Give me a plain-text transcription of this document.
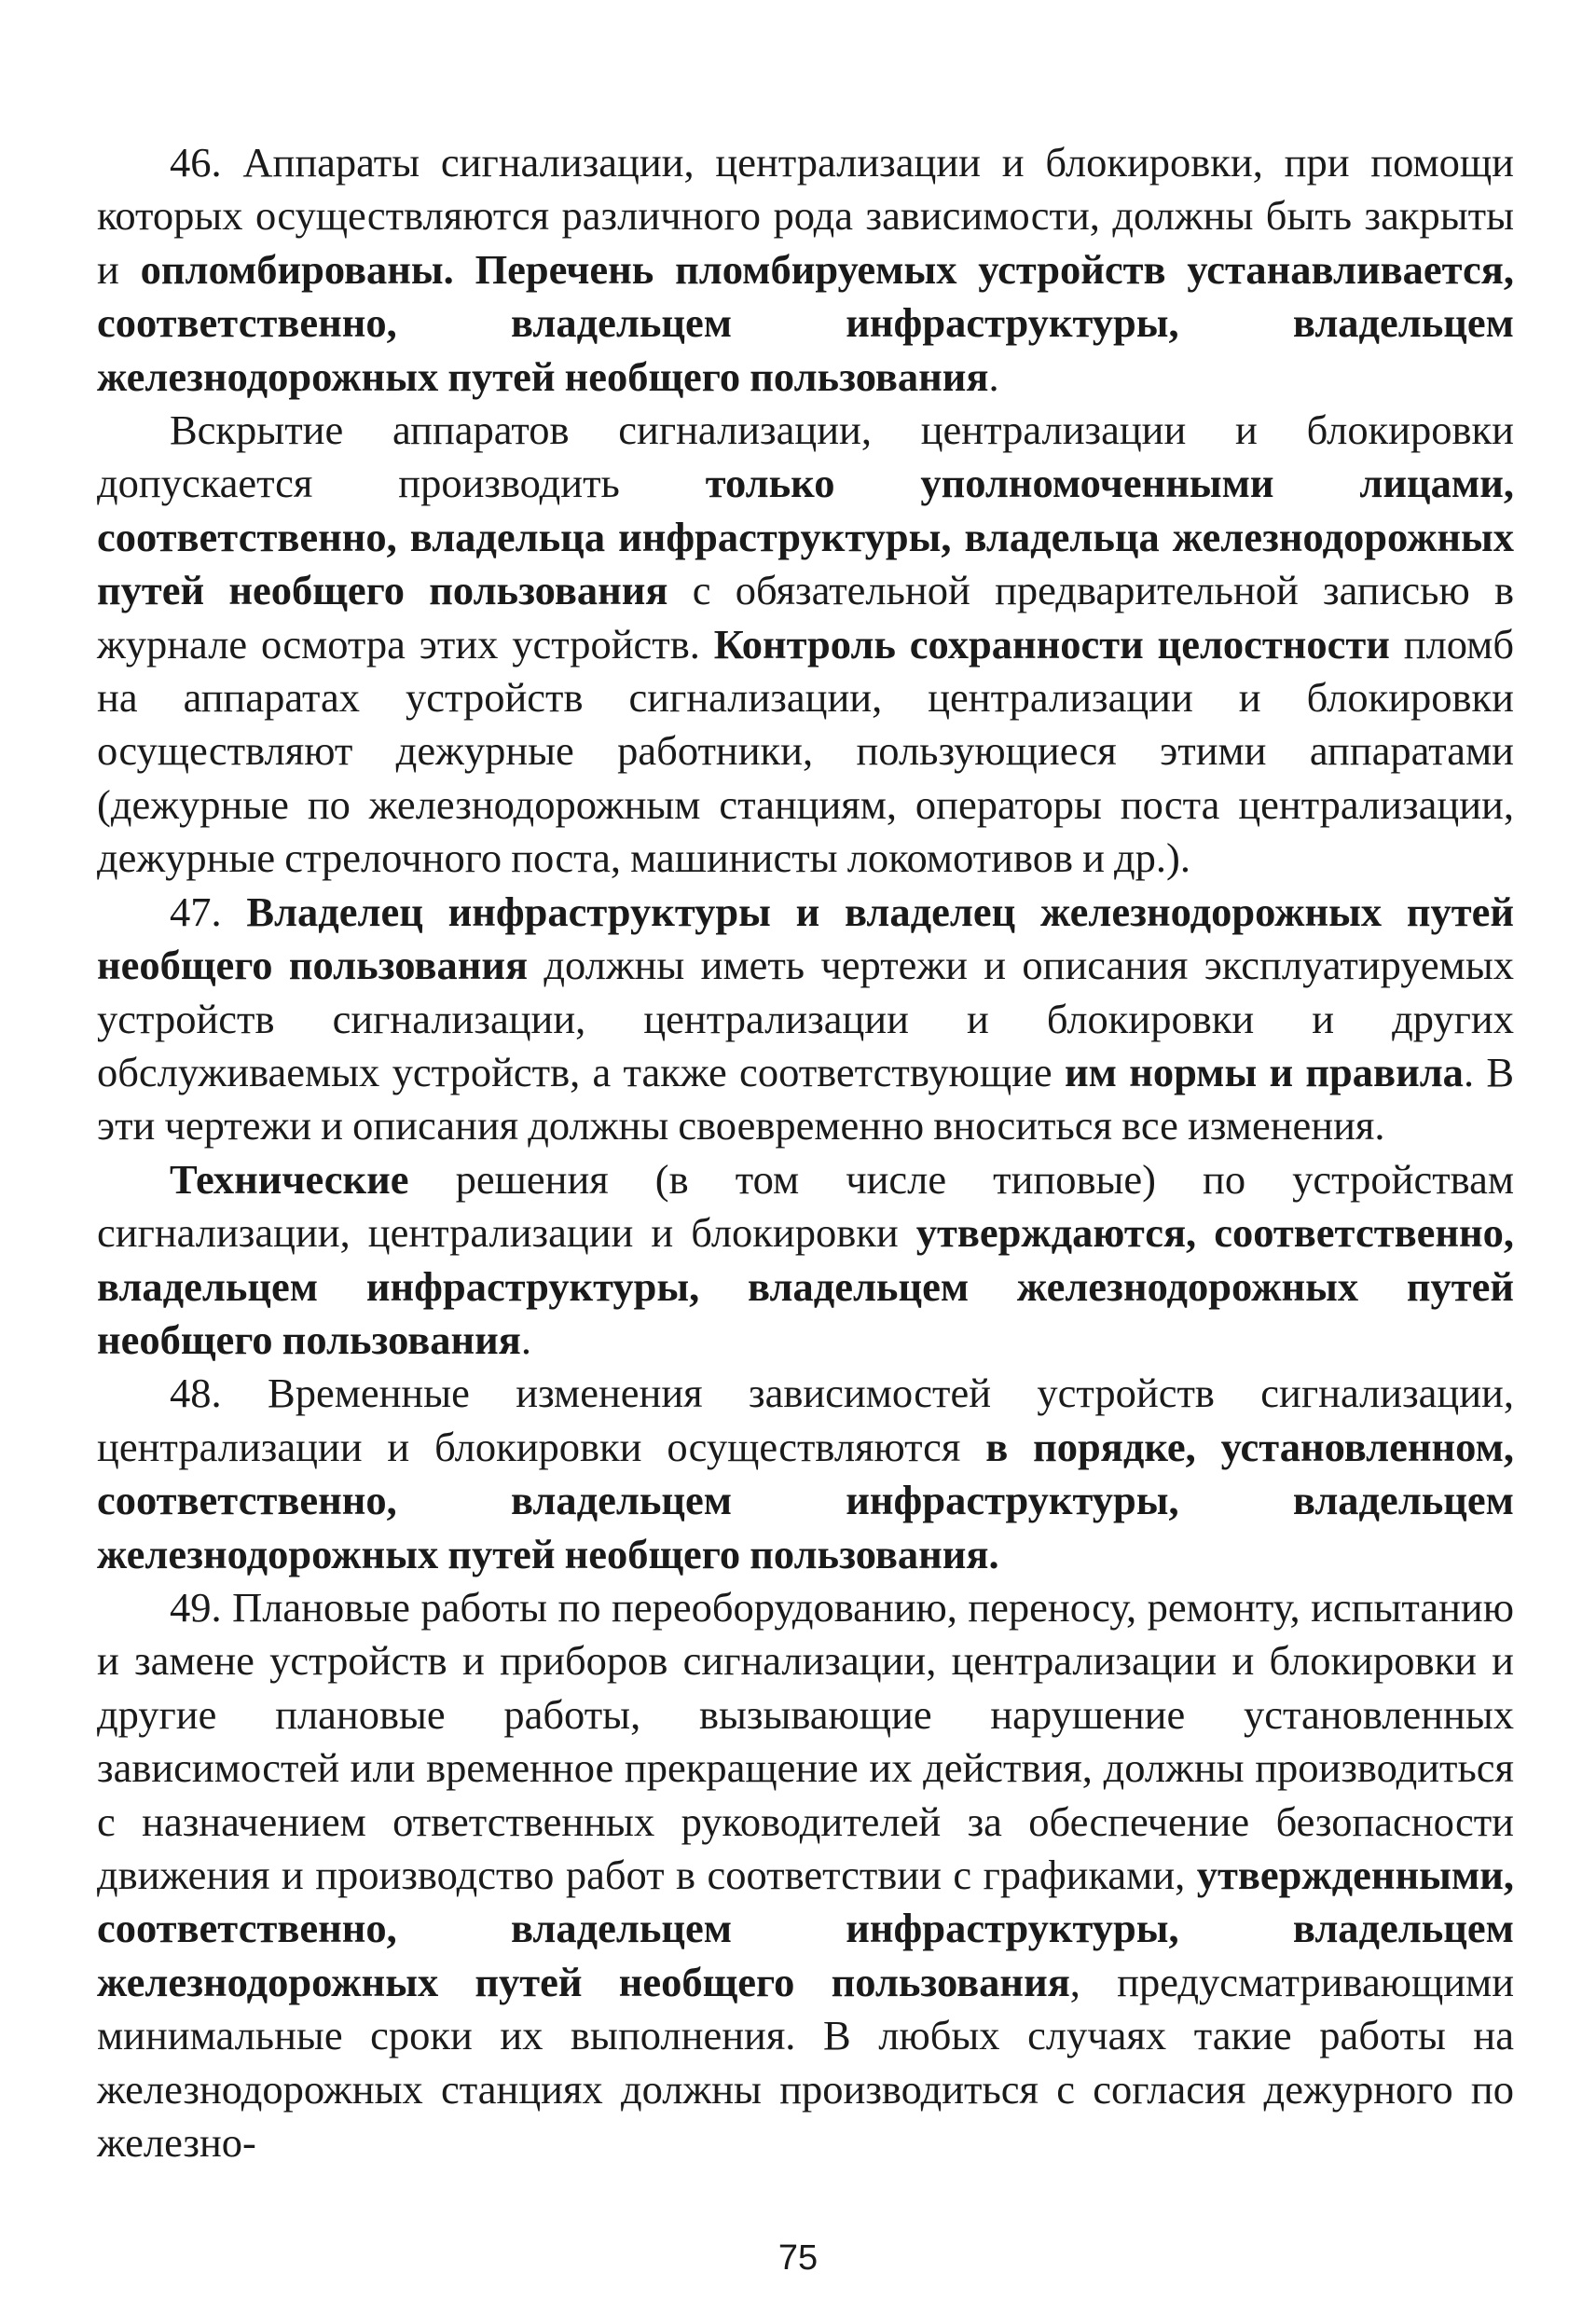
46. Аппараты сигнализации, централизации и блокировки, при помощи которых осуществляются различного рода зависимости, должны быть закрыты и опломбированы. Перечень пломбируемых устройств устанавливается, соответственно, владельцем инфраструктуры, владельцем железнодорожных путей необщего пользования.

Вскрытие аппаратов сигнализации, централизации и блокировки допускается производить только уполномоченными лицами, соответственно, владельца инфраструктуры, владельца железнодорожных путей необщего пользования с обязательной предварительной записью в журнале осмотра этих устройств. Контроль сохранности целостности пломб на аппаратах устройств сигнализации, централизации и блокировки осуществляют дежурные работники, пользующиеся этими аппаратами (дежурные по железнодорожным станциям, операторы поста централизации, дежурные стрелочного поста, машинисты локомотивов и др.).

47. Владелец инфраструктуры и владелец железнодорожных путей необщего пользования должны иметь чертежи и описания эксплуатируемых устройств сигнализации, централизации и блокировки и других обслуживаемых устройств, а также соответствующие им нормы и правила. В эти чертежи и описания должны своевременно вноситься все изменения.

Технические решения (в том числе типовые) по устройствам сигнализации, централизации и блокировки утверждаются, соответственно, владельцем инфраструктуры, владельцем железнодорожных путей необщего пользования.

48. Временные изменения зависимостей устройств сигнализации, централизации и блокировки осуществляются в порядке, установленном, соответственно, владельцем инфраструктуры, владельцем железнодорожных путей необщего пользования.

49. Плановые работы по переоборудованию, переносу, ремонту, испытанию и замене устройств и приборов сигнализации, централизации и блокировки и другие плановые работы, вызывающие нарушение установленных зависимостей или временное прекращение их действия, должны производиться с назначением ответственных руководителей за обеспечение безопасности движения и производство работ в соответствии с графиками, утвержденными, соответственно, владельцем инфраструктуры, владельцем железнодорожных путей необщего пользования, предусматривающими минимальные сроки их выполнения. В любых случаях такие работы на железнодорожных станциях должны производиться с согласия дежурного по железно-

75
